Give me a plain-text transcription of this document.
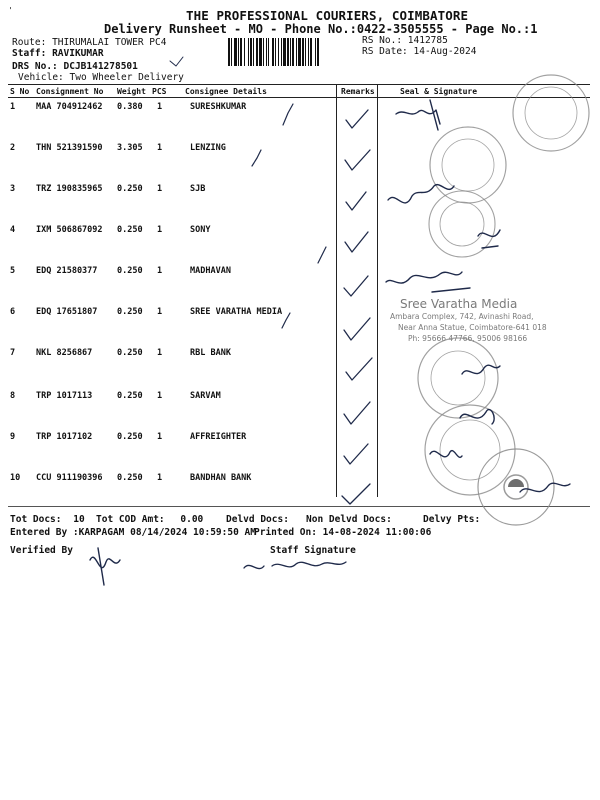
THE PROFESSIONAL COURIERS, COIMBATORE
Delivery Runsheet - MO - Phone No.:0422-3505555 - Page No.:1
'
Route: THIRUMALAI TOWER PC4
Staff: RAVIKUMAR
DRS No.: DCJB141278501
Vehicle: Two Wheeler Delivery
RS No.: 1412785
RS Date: 14-Aug-2024
S No Consignment No Weight PCS Consignee Details	Remarks	Seal & Signature
1 MAA 704912462 0.380 1	SURESHKUMAR
2 THN 521391590 3.305 1	LENZING
3 TRZ 190835965 0.250 1	SJB
4 IXM 506867092 0.250 1	SONY
5 EDQ 21580377 0.250 1	MADHAVAN
6 EDQ 17651807 0.250 1	SREE VARATHA MEDIA
7 NKL 8256867	0.250 1	RBL BANK
8 TRP 1017113	0.250 1	SARVAM
9 TRP 1017102	0.250 1	AFFREIGHTER
10 CCU 911190396 0.250 1	BANDHAN BANK
Sree Varatha Media
Ambara Complex, 742, Avinashi Road,
Near Anna Statue, Coimbatore-641 018
Ph: 95666 47766, 95006 98166
Tot Docs: 10 Tot COD Amt: 0.00 Delvd Docs: Non Delvd Docs:	Delvy Pts:
Entered By :KARPAGAM 08/14/2024 10:59:50 AM
Printed On: 14-08-2024 11:00:06
Verified By	Staff Signature
